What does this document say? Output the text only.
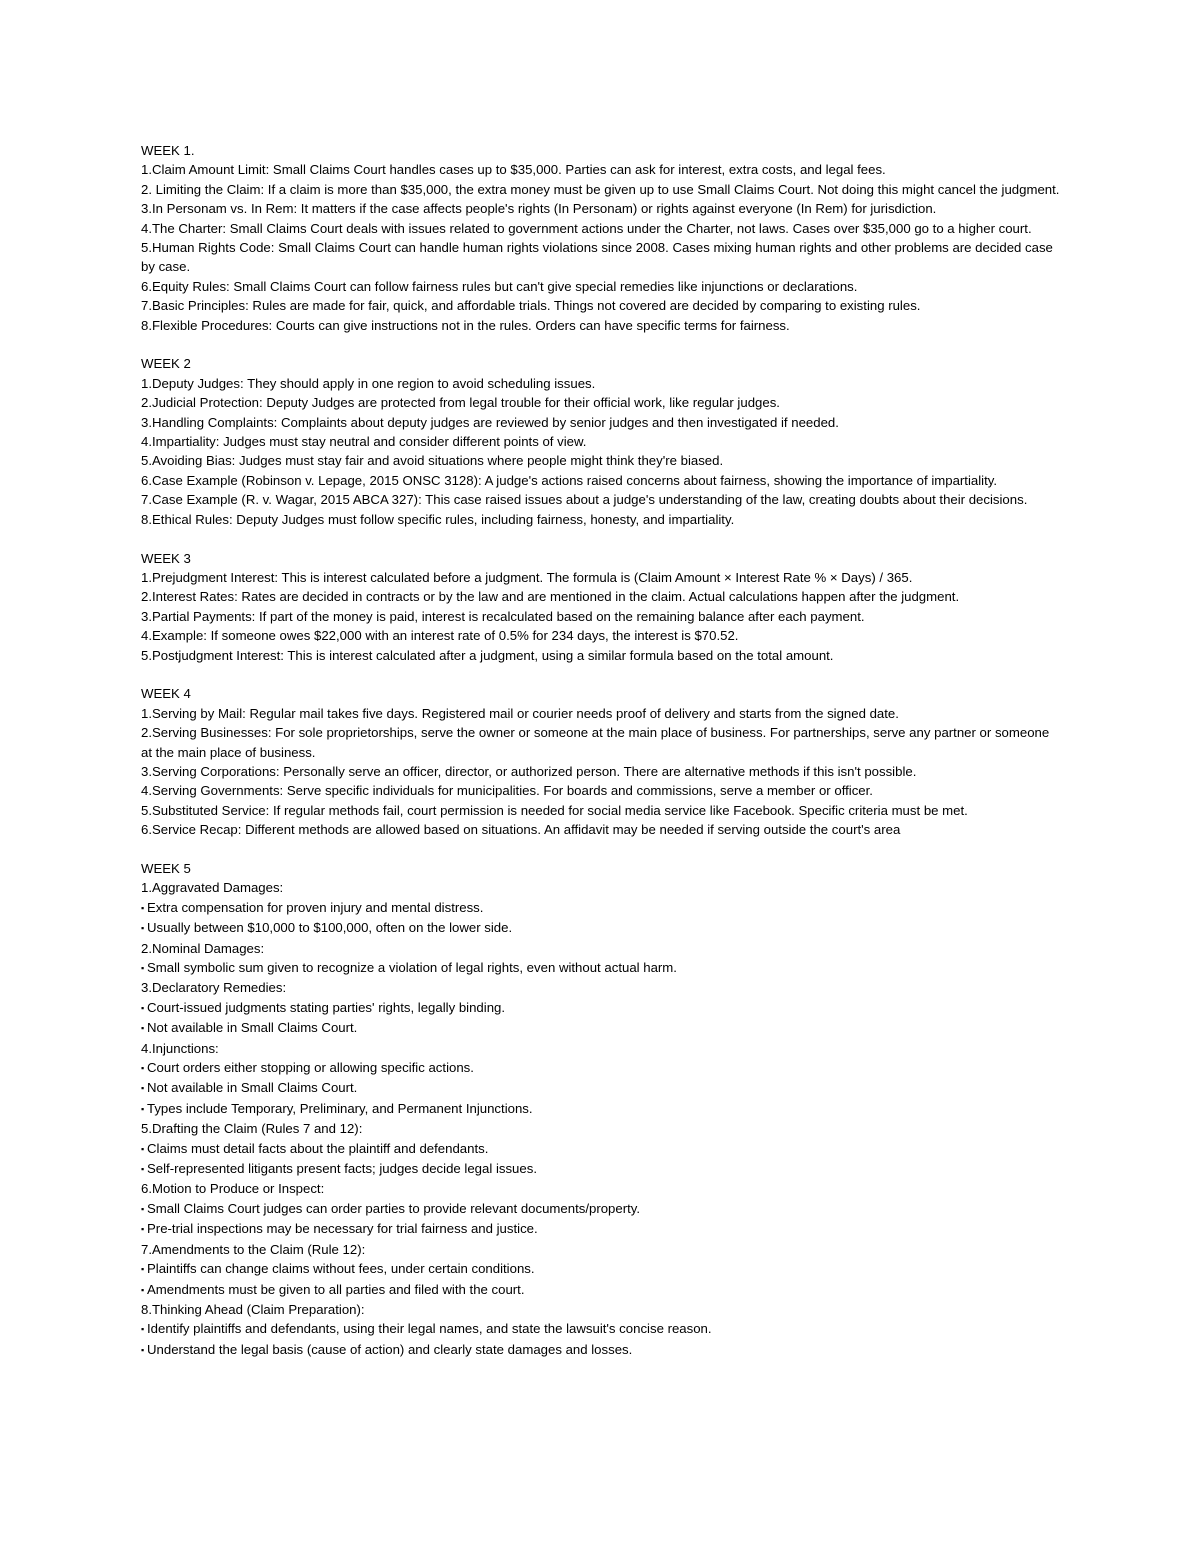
WEEK 1.

1.Claim Amount Limit: Small Claims Court handles cases up to $35,000. Parties can ask for interest, extra costs, and legal fees.

2. Limiting the Claim: If a claim is more than $35,000, the extra money must be given up to use Small Claims Court. Not doing this might cancel the judgment.

3.In Personam vs. In Rem: It matters if the case affects people's rights (In Personam) or rights against everyone (In Rem) for jurisdiction.

4.The Charter: Small Claims Court deals with issues related to government actions under the Charter, not laws. Cases over $35,000 go to a higher court.

5.Human Rights Code: Small Claims Court can handle human rights violations since 2008. Cases mixing human rights and other problems are decided case by case.

6.Equity Rules: Small Claims Court can follow fairness rules but can't give special remedies like injunctions or declarations.

7.Basic Principles: Rules are made for fair, quick, and affordable trials. Things not covered are decided by comparing to existing rules.

8.Flexible Procedures: Courts can give instructions not in the rules. Orders can have specific terms for fairness.

WEEK 2

1.Deputy Judges: They should apply in one region to avoid scheduling issues.

2.Judicial Protection: Deputy Judges are protected from legal trouble for their official work, like regular judges.

3.Handling Complaints: Complaints about deputy judges are reviewed by senior judges and then investigated if needed.

4.Impartiality: Judges must stay neutral and consider different points of view.

5.Avoiding Bias: Judges must stay fair and avoid situations where people might think they're biased.

6.Case Example (Robinson v. Lepage, 2015 ONSC 3128): A judge's actions raised concerns about fairness, showing the importance of impartiality.

7.Case Example (R. v. Wagar, 2015 ABCA 327): This case raised issues about a judge's understanding of the law, creating doubts about their decisions.

8.Ethical Rules: Deputy Judges must follow specific rules, including fairness, honesty, and impartiality.

WEEK 3

1.Prejudgment Interest: This is interest calculated before a judgment. The formula is (Claim Amount × Interest Rate % × Days) / 365.

2.Interest Rates: Rates are decided in contracts or by the law and are mentioned in the claim. Actual calculations happen after the judgment.

3.Partial Payments: If part of the money is paid, interest is recalculated based on the remaining balance after each payment.

4.Example: If someone owes $22,000 with an interest rate of 0.5% for 234 days, the interest is $70.52.

5.Postjudgment Interest: This is interest calculated after a judgment, using a similar formula based on the total amount.

WEEK 4

1.Serving by Mail: Regular mail takes five days. Registered mail or courier needs proof of delivery and starts from the signed date.

2.Serving Businesses: For sole proprietorships, serve the owner or someone at the main place of business. For partnerships, serve any partner or someone at the main place of business.

3.Serving Corporations: Personally serve an officer, director, or authorized person. There are alternative methods if this isn't possible.

4.Serving Governments: Serve specific individuals for municipalities. For boards and commissions, serve a member or officer.

5.Substituted Service: If regular methods fail, court permission is needed for social media service like Facebook. Specific criteria must be met.

6.Service Recap: Different methods are allowed based on situations. An affidavit may be needed if serving outside the court's area

WEEK 5

1.Aggravated Damages:

▪ Extra compensation for proven injury and mental distress.

▪ Usually between $10,000 to $100,000, often on the lower side.

2.Nominal Damages:

▪ Small symbolic sum given to recognize a violation of legal rights, even without actual harm.

3.Declaratory Remedies:

▪ Court-issued judgments stating parties' rights, legally binding.

▪ Not available in Small Claims Court.

4.Injunctions:

▪ Court orders either stopping or allowing specific actions.

▪ Not available in Small Claims Court.

▪ Types include Temporary, Preliminary, and Permanent Injunctions.

5.Drafting the Claim (Rules 7 and 12):

▪ Claims must detail facts about the plaintiff and defendants.

▪ Self-represented litigants present facts; judges decide legal issues.

6.Motion to Produce or Inspect:

▪ Small Claims Court judges can order parties to provide relevant documents/property.

▪ Pre-trial inspections may be necessary for trial fairness and justice.

7.Amendments to the Claim (Rule 12):

▪ Plaintiffs can change claims without fees, under certain conditions.

▪ Amendments must be given to all parties and filed with the court.

8.Thinking Ahead (Claim Preparation):

▪ Identify plaintiffs and defendants, using their legal names, and state the lawsuit's concise reason.

▪ Understand the legal basis (cause of action) and clearly state damages and losses.
